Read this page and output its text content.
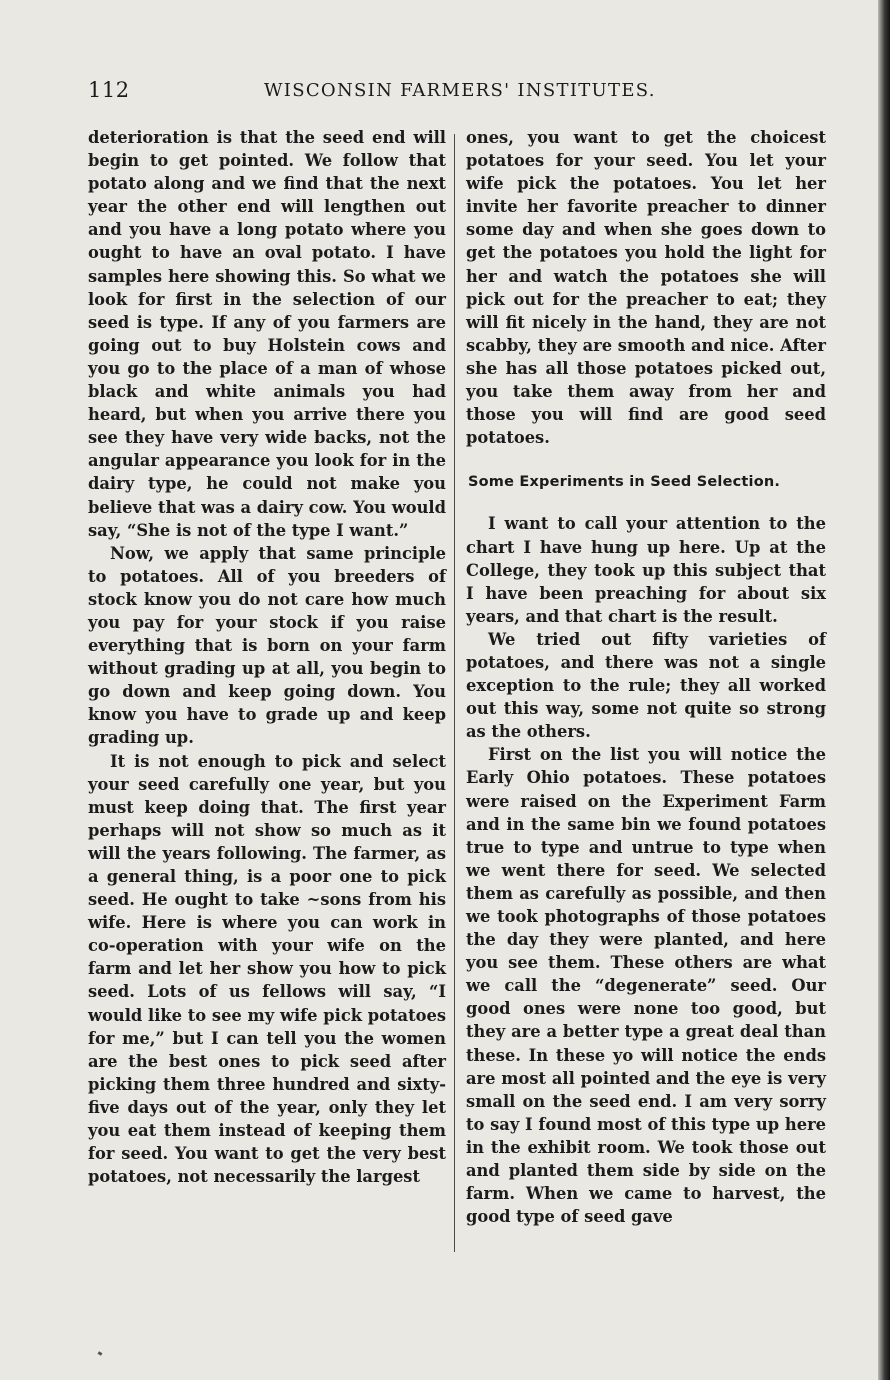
112	WISCONSIN FARMERS' INSTITUTES.

deterioration is that the seed end will begin to get pointed. We follow that potato along and we find that the next year the other end will lengthen out and you have a long potato where you ought to have an oval potato. I have samples here showing this. So what we look for first in the selection of our seed is type. If any of you farmers are going out to buy Holstein cows and you go to the place of a man of whose black and white animals you had heard, but when you arrive there you see they have very wide backs, not the angular appearance you look for in the dairy type, he could not make you believe that was a dairy cow. You would say, “She is not of the type I want.”

Now, we apply that same principle to potatoes. All of you breeders of stock know you do not care how much you pay for your stock if you raise everything that is born on your farm without grading up at all, you begin to go down and keep going down. You know you have to grade up and keep grading up.

It is not enough to pick and select your seed carefully one year, but you must keep doing that. The first year perhaps will not show so much as it will the years following. The farmer, as a general thing, is a poor one to pick seed. He ought to take ~sons from his wife. Here is where you can work in co-operation with your wife on the farm and let her show you how to pick seed. Lots of us fellows will say, “I would like to see my wife pick potatoes for me,” but I can tell you the women are the best ones to pick seed after picking them three hundred and sixty-five days out of the year, only they let you eat them instead of keeping them for seed. You want to get the very best potatoes, not necessarily the largest

ones, you want to get the choicest potatoes for your seed. You let your wife pick the potatoes. You let her invite her favorite preacher to dinner some day and when she goes down to get the potatoes you hold the light for her and watch the potatoes she will pick out for the preacher to eat; they will fit nicely in the hand, they are not scabby, they are smooth and nice. After she has all those potatoes picked out, you take them away from her and those you will find are good seed potatoes.

Some Experiments in Seed Selection.

I want to call your attention to the chart I have hung up here. Up at the College, they took up this subject that I have been preaching for about six years, and that chart is the result.

We tried out fifty varieties of potatoes, and there was not a single exception to the rule; they all worked out this way, some not quite so strong as the others.

First on the list you will notice the Early Ohio potatoes. These potatoes were raised on the Experiment Farm and in the same bin we found potatoes true to type and untrue to type when we went there for seed. We selected them as carefully as possible, and then we took photographs of those potatoes the day they were planted, and here you see them. These others are what we call the “degenerate” seed. Our good ones were none too good, but they are a better type a great deal than these. In these yo will notice the ends are most all pointed and the eye is very small on the seed end. I am very sorry to say I found most of this type up here in the exhibit room. We took those out and planted them side by side on the farm. When we came to harvest, the good type of seed gave
